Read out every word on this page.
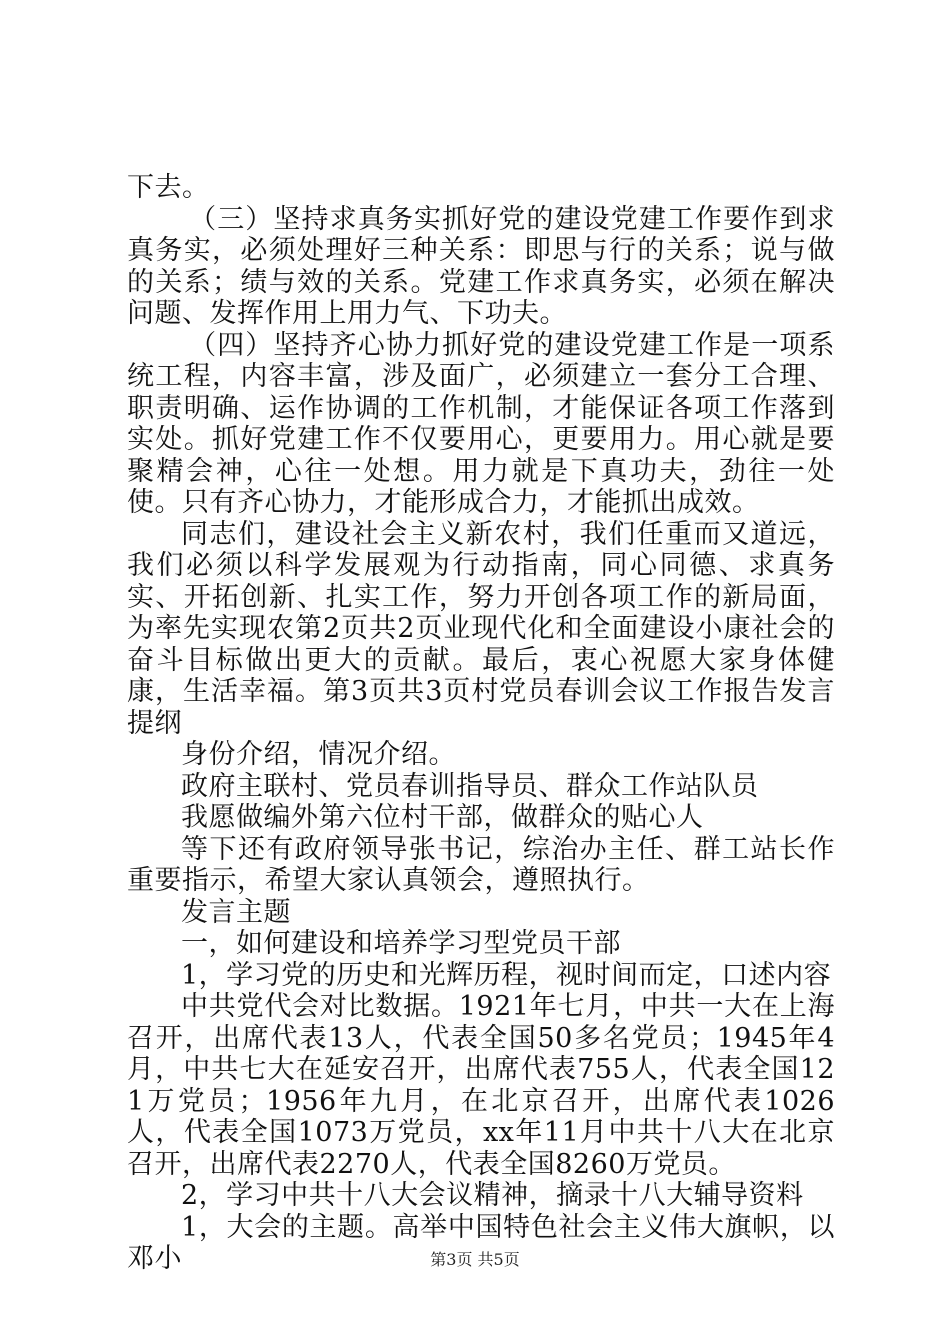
下去。

（三）坚持求真务实抓好党的建设党建工作要作到求真务实，必须处理好三种关系：即思与行的关系；说与做的关系；绩与效的关系。党建工作求真务实，必须在解决问题、发挥作用上用力气、下功夫。

（四）坚持齐心协力抓好党的建设党建工作是一项系统工程，内容丰富，涉及面广，必须建立一套分工合理、职责明确、运作协调的工作机制，才能保证各项工作落到实处。抓好党建工作不仅要用心，更要用力。用心就是要聚精会神，心往一处想。用力就是下真功夫，劲往一处使。只有齐心协力，才能形成合力，才能抓出成效。

同志们，建设社会主义新农村，我们任重而又道远，我们必须以科学发展观为行动指南，同心同德、求真务实、开拓创新、扎实工作，努力开创各项工作的新局面，为率先实现农第2页共2页业现代化和全面建设小康社会的奋斗目标做出更大的贡献。最后，衷心祝愿大家身体健康，生活幸福。第3页共3页村党员春训会议工作报告发言提纲

身份介绍，情况介绍。

政府主联村、党员春训指导员、群众工作站队员

我愿做编外第六位村干部，做群众的贴心人

等下还有政府领导张书记，综治办主任、群工站长作重要指示，希望大家认真领会，遵照执行。

发言主题

一，如何建设和培养学习型党员干部

1，学习党的历史和光辉历程，视时间而定，口述内容

中共党代会对比数据。1921年七月，中共一大在上海召开，出席代表13人，代表全国50多名党员；1945年4月，中共七大在延安召开，出席代表755人，代表全国121万党员；1956年九月，在北京召开，出席代表1026人，代表全国1073万党员，xx年11月中共十八大在北京召开，出席代表2270人，代表全国8260万党员。

2，学习中共十八大会议精神，摘录十八大辅导资料

1，大会的主题。高举中国特色社会主义伟大旗帜，以邓小	第3页 共5页
